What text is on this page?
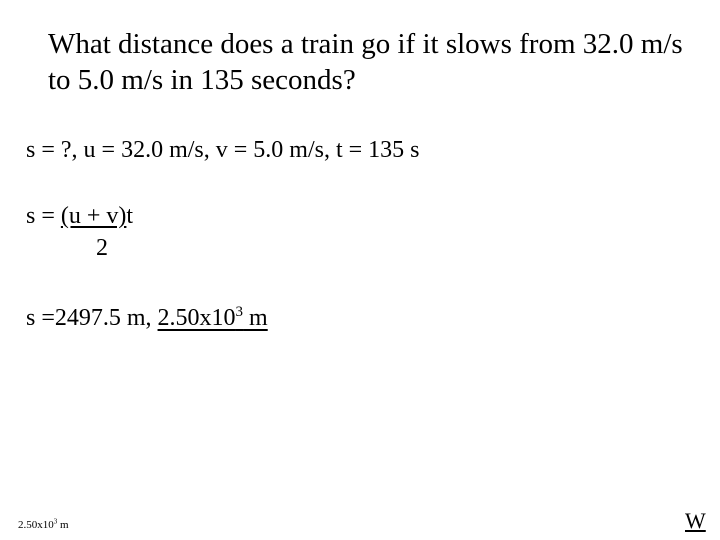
What distance does a train go if it slows from 32.0 m/s to 5.0 m/s in 135 seconds?
s = ?, u = 32.0 m/s, v = 5.0 m/s, t = 135 s
s = (u + v)t
2
s =2497.5 m, $2.50x10^3$ m
$2.50x10^3$ m	W
